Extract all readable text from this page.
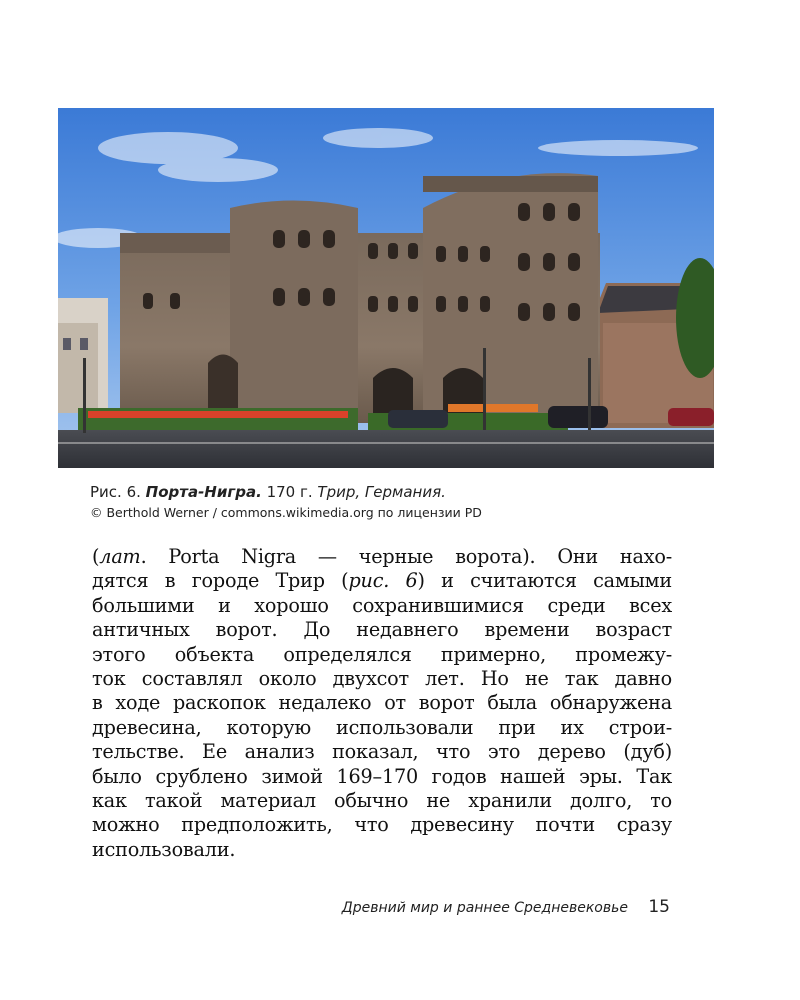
Рис. 6. Порта-Нигра. 170 г. Трир, Германия.
© Berthold Werner / commons.wikimedia.org по лицензии PD
(лат. Porta Nigra — черные ворота). Они нахо-
дятся в городе Трир (рис. 6) и считаются самыми
большими и хорошо сохранившимися среди всех
античных ворот. До недавнего времени возраст
этого объекта определялся примерно, промежу-
ток составлял около двухсот лет. Но не так давно
в ходе раскопок недалеко от ворот была обнаружена
древесина, которую использовали при их строи-
тельстве. Ее анализ показал, что это дерево (дуб)
было срублено зимой 169–170 годов нашей эры. Так
как такой материал обычно не хранили долго, то
можно предположить, что древесину почти сразу
использовали.
Древний мир и раннее Средневековье 15
